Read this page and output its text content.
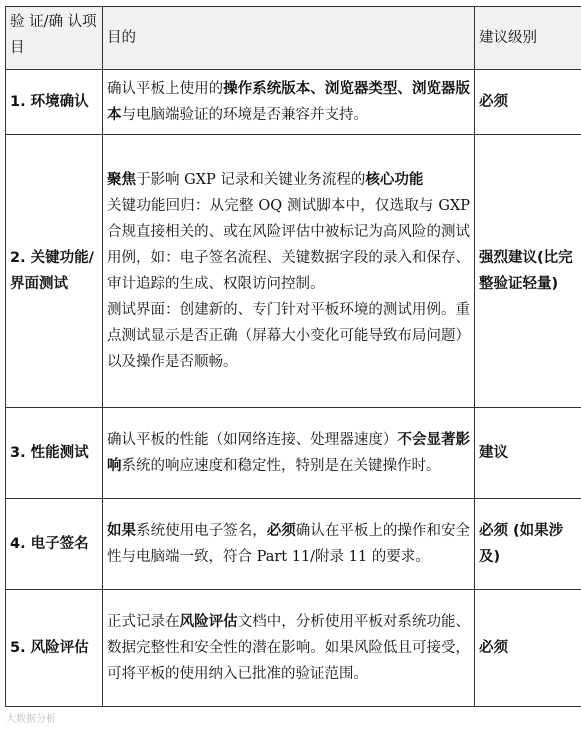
验 证/确 认项目	目的	建议级别
1. 环境确认	确认平板上使用的操作系统版本、浏览器类型、浏览器版本与电脑端验证的环境是否兼容并支持。	必须
2. 关键功能/界面测试	聚焦于影响 GXP 记录和关键业务流程的核心功能

关键功能回归：从完整 OQ 测试脚本中，仅选取与 GXP 合规直接相关的、或在风险评估中被标记为高风险的测试用例，如：电子签名流程、关键数据字段的录入和保存、审计追踪的生成、权限访问控制。

测试界面：创建新的、专门针对平板环境的测试用例。重点测试显示是否正确（屏幕大小变化可能导致布局问题）以及操作是否顺畅。	强烈建议(比完整验证轻量)
3. 性能测试	确认平板的性能（如网络连接、处理器速度）不会显著影响系统的响应速度和稳定性，特别是在关键操作时。	建议
4. 电子签名	如果系统使用电子签名，必须确认在平板上的操作和安全性与电脑端一致，符合 Part 11/附录 11 的要求。	必须 (如果涉及)
5. 风险评估	正式记录在风险评估文档中，分析使用平板对系统功能、数据完整性和安全性的潜在影响。如果风险低且可接受，可将平板的使用纳入已批准的验证范围。	必须
大数据分析
